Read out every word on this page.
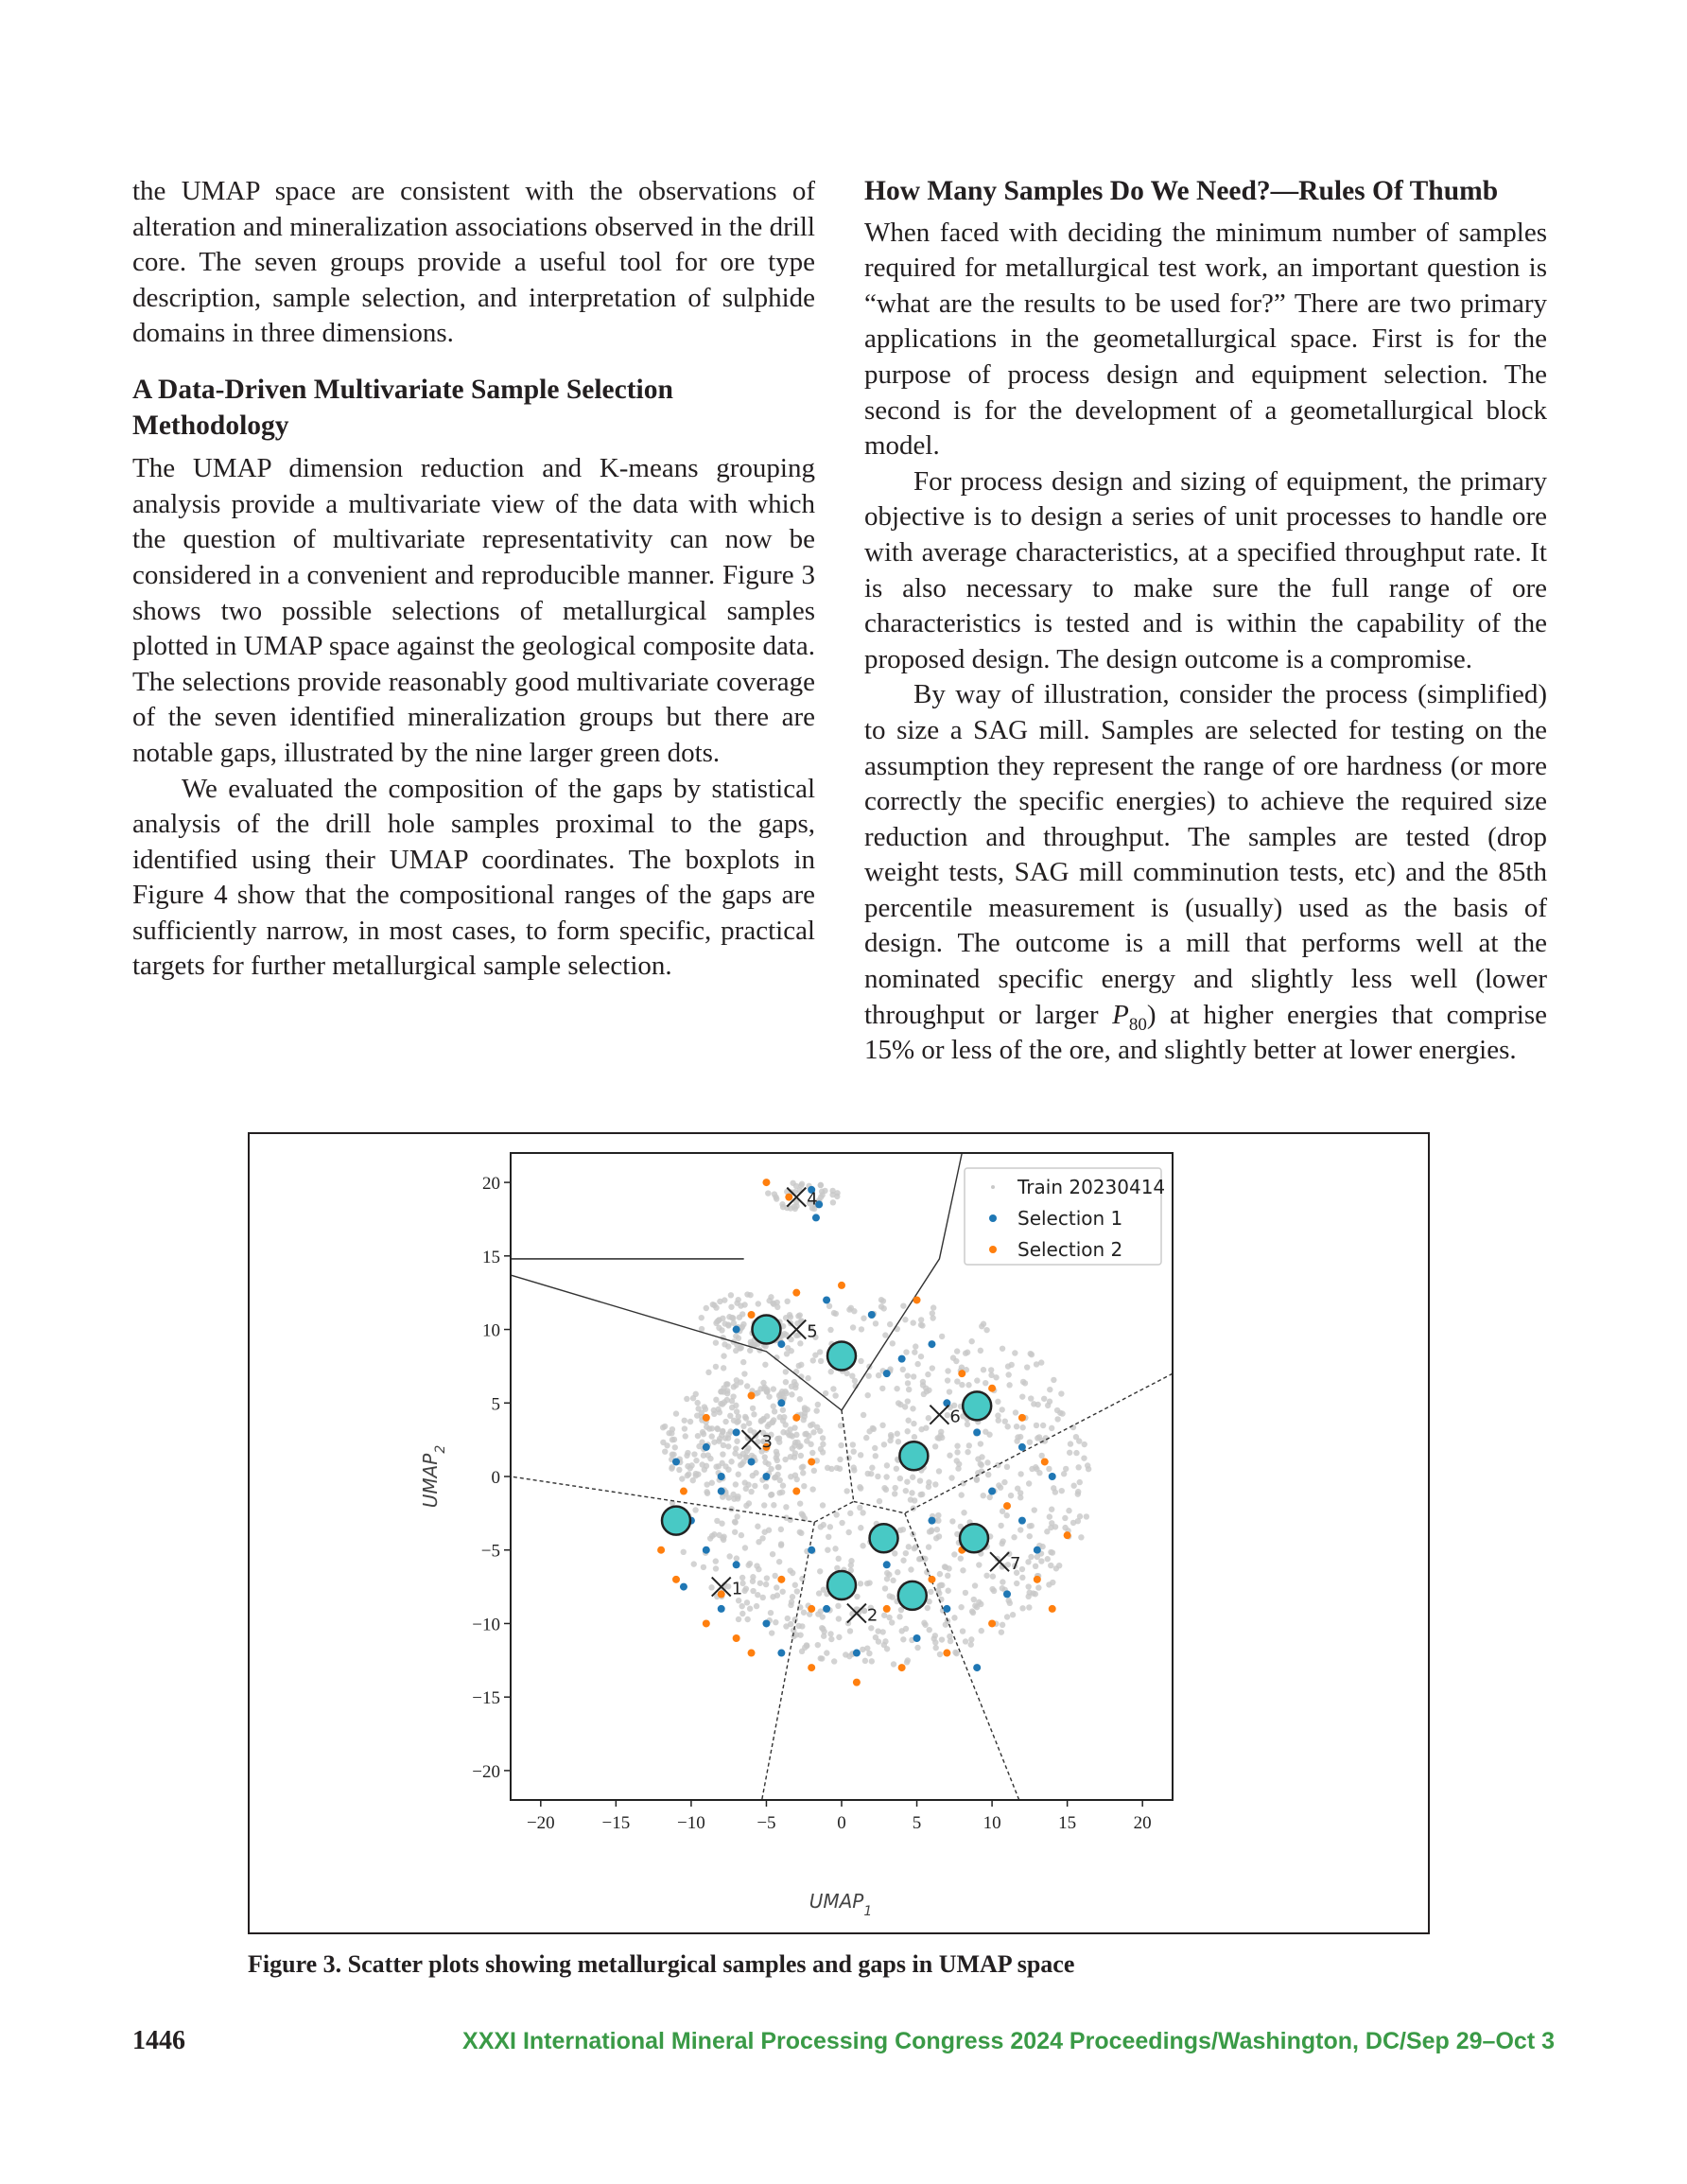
the UMAP space are consistent with the observations of alteration and mineralization associations observed in the drill core. The seven groups provide a useful tool for ore type description, sample selection, and interpretation of sulphide domains in three dimensions.

A Data-Driven Multivariate Sample Selection Methodology

The UMAP dimension reduction and K-means grouping analysis provide a multivariate view of the data with which the question of multivariate representativity can now be considered in a convenient and reproducible manner. Figure 3 shows two possible selections of metallurgical samples plotted in UMAP space against the geological composite data. The selections provide reasonably good multivariate coverage of the seven identified mineralization groups but there are notable gaps, illustrated by the nine larger green dots.

We evaluated the composition of the gaps by statistical analysis of the drill hole samples proximal to the gaps, identified using their UMAP coordinates. The boxplots in Figure 4 show that the compositional ranges of the gaps are sufficiently narrow, in most cases, to form specific, practical targets for further metallurgical sample selection.

How Many Samples Do We Need?—Rules Of Thumb

When faced with deciding the minimum number of samples required for metallurgical test work, an important question is “what are the results to be used for?” There are two primary applications in the geometallurgical space. First is for the purpose of process design and equipment selection. The second is for the development of a geometallurgical block model.

For process design and sizing of equipment, the primary objective is to design a series of unit processes to handle ore with average characteristics, at a specified throughput rate. It is also necessary to make sure the full range of ore characteristics is tested and is within the capability of the proposed design. The design outcome is a compromise.

By way of illustration, consider the process (simplified) to size a SAG mill. Samples are selected for testing on the assumption they represent the range of ore hardness (or more correctly the specific energies) to achieve the required size reduction and throughput. The samples are tested (drop weight tests, SAG mill comminution tests, etc) and the 85th percentile measurement is (usually) used as the basis of design. The outcome is a mill that performs well at the nominated specific energy and slightly less well (lower throughput or larger $P_{80}$) at higher energies that comprise 15% or less of the ore, and slightly better at lower energies.

1
2
3
4
5
6
7
−20	−15	−10	−5	0	5	10	15	20
20
15
10
5
0
−5
−10
−15
−20
Train 20230414
Selection 1
Selection 2
$UMAP_1$
$UMAP_2$
Figure 3. Scatter plots showing metallurgical samples and gaps in UMAP space
1446	XXXI International Mineral Processing Congress 2024 Proceedings/Washington, DC/Sep 29–Oct 3
